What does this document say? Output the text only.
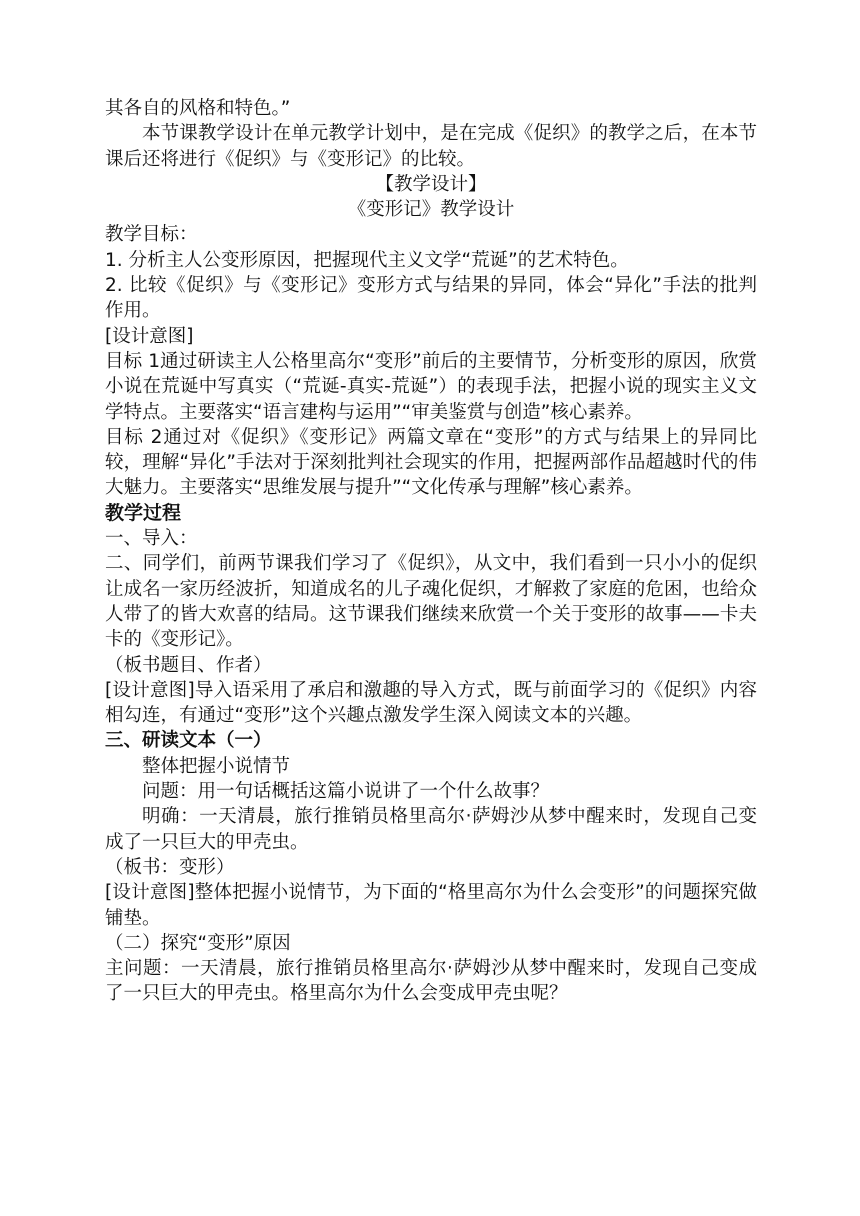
其各自的风格和特色。”

本节课教学设计在单元教学计划中，是在完成《促织》的教学之后，在本节课后还将进行《促织》与《变形记》的比较。

【教学设计】

《变形记》教学设计

教学目标：

1. 分析主人公变形原因，把握现代主义文学“荒诞”的艺术特色。

2. 比较《促织》与《变形记》变形方式与结果的异同，体会“异化”手法的批判作用。

[设计意图]

目标 1通过研读主人公格里高尔“变形”前后的主要情节，分析变形的原因，欣赏小说在荒诞中写真实（“荒诞-真实-荒诞”）的表现手法，把握小说的现实主义文学特点。主要落实“语言建构与运用”“审美鉴赏与创造”核心素养。

目标 2通过对《促织》《变形记》两篇文章在“变形”的方式与结果上的异同比较，理解“异化”手法对于深刻批判社会现实的作用，把握两部作品超越时代的伟大魅力。主要落实“思维发展与提升”“文化传承与理解”核心素养。

教学过程

一、导入：

二、同学们，前两节课我们学习了《促织》，从文中，我们看到一只小小的促织让成名一家历经波折，知道成名的儿子魂化促织，才解救了家庭的危困，也给众人带了的皆大欢喜的结局。这节课我们继续来欣赏一个关于变形的故事——卡夫卡的《变形记》。

（板书题目、作者）

[设计意图]导入语采用了承启和激趣的导入方式，既与前面学习的《促织》内容相勾连，有通过“变形”这个兴趣点激发学生深入阅读文本的兴趣。

三、研读文本（一）

整体把握小说情节

问题：用一句话概括这篇小说讲了一个什么故事？

明确：一天清晨，旅行推销员格里高尔·萨姆沙从梦中醒来时，发现自己变成了一只巨大的甲壳虫。

（板书：变形）

[设计意图]整体把握小说情节，为下面的“格里高尔为什么会变形”的问题探究做铺垫。

（二）探究“变形”原因

主问题：一天清晨，旅行推销员格里高尔·萨姆沙从梦中醒来时，发现自己变成了一只巨大的甲壳虫。格里高尔为什么会变成甲壳虫呢？
